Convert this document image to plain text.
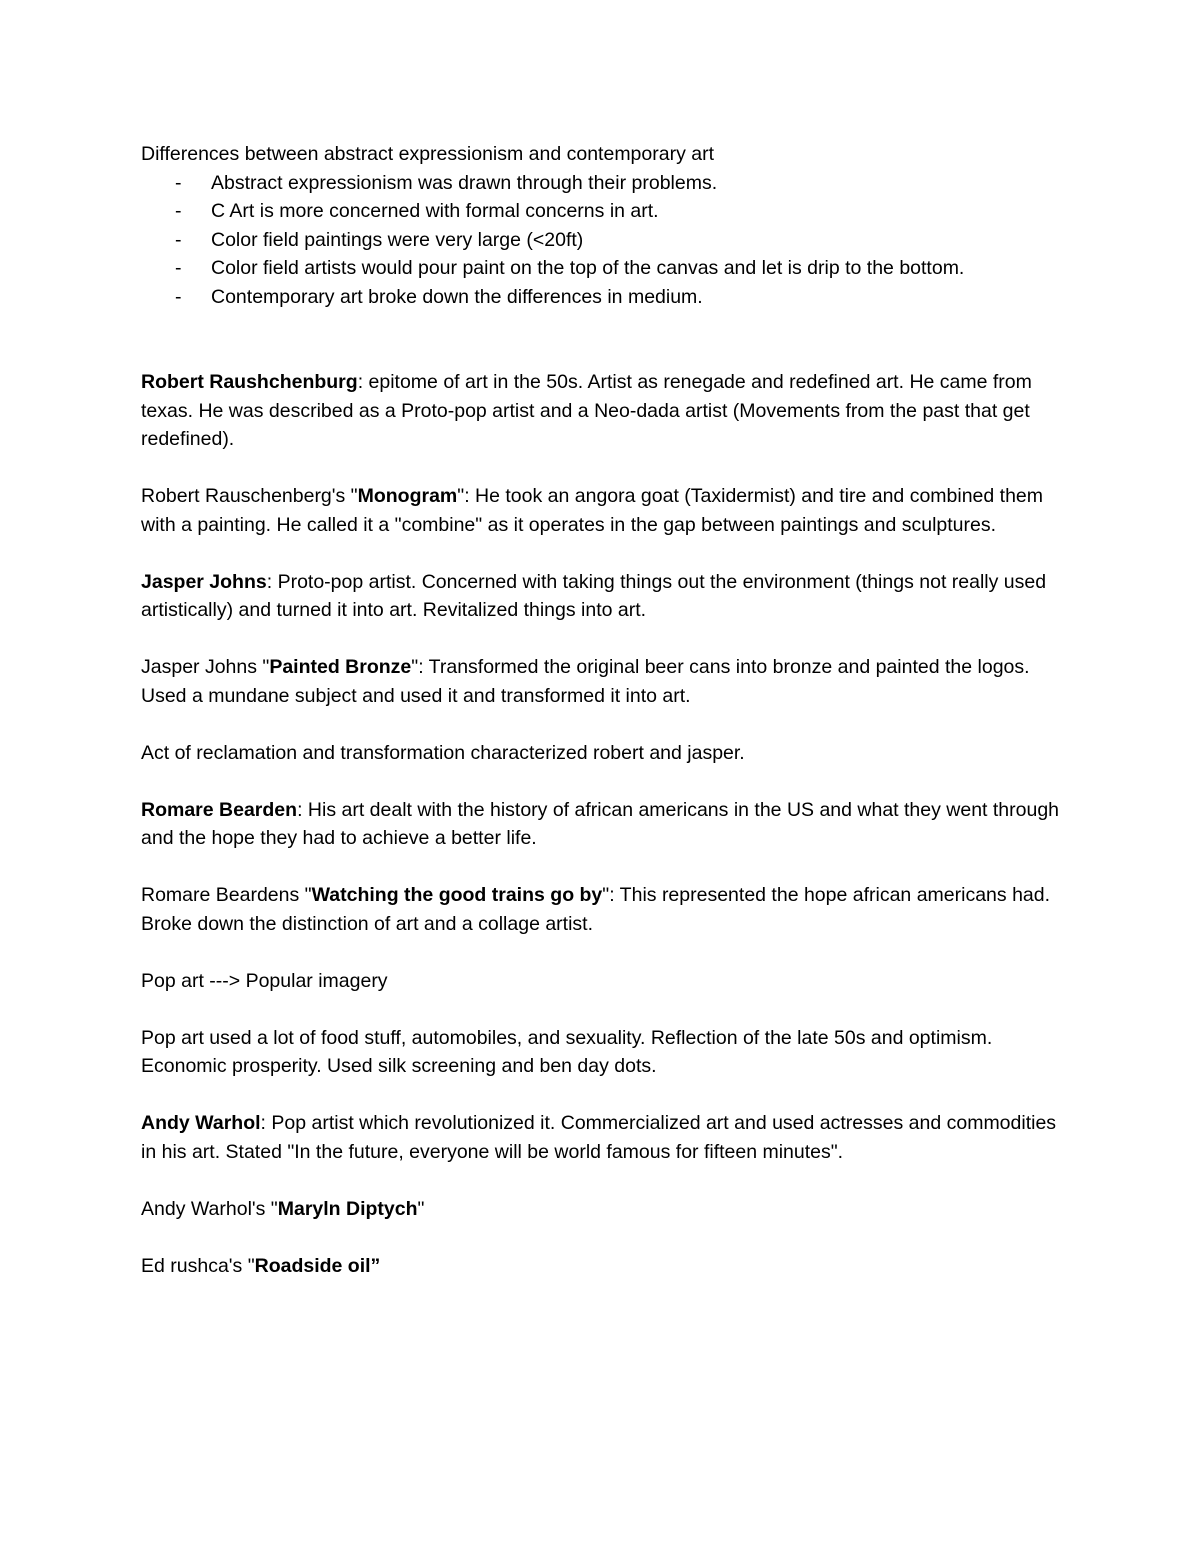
Differences between abstract expressionism and contemporary art

- Abstract expressionism was drawn through their problems.
- C Art is more concerned with formal concerns in art.
- Color field paintings were very large (<20ft)
- Color field artists would pour paint on the top of the canvas and let is drip to the bottom.
- Contemporary art broke down the differences in medium.

Robert Raushchenburg: epitome of art in the 50s. Artist as renegade and redefined art. He came from texas. He was described as a Proto-pop artist and a Neo-dada artist (Movements from the past that get redefined).

Robert Rauschenberg's "Monogram": He took an angora goat (Taxidermist) and tire and combined them with a painting. He called it a "combine" as it operates in the gap between paintings and sculptures.

Jasper Johns: Proto-pop artist. Concerned with taking things out the environment (things not really used artistically) and turned it into art. Revitalized things into art.

Jasper Johns "Painted Bronze": Transformed the original beer cans into bronze and painted the logos. Used a mundane subject and used it and transformed it into art.

Act of reclamation and transformation characterized robert and jasper.

Romare Bearden: His art dealt with the history of african americans in the US and what they went through and the hope they had to achieve a better life.

Romare Beardens "Watching the good trains go by": This represented the hope african americans had. Broke down the distinction of art and a collage artist.

Pop art ---> Popular imagery

Pop art used a lot of food stuff, automobiles, and sexuality. Reflection of the late 50s and optimism. Economic prosperity. Used silk screening and ben day dots.

Andy Warhol: Pop artist which revolutionized it. Commercialized art and used actresses and commodities in his art. Stated "In the future, everyone will be world famous for fifteen minutes".

Andy Warhol's "Maryln Diptych"

Ed rushca's "Roadside oil”
